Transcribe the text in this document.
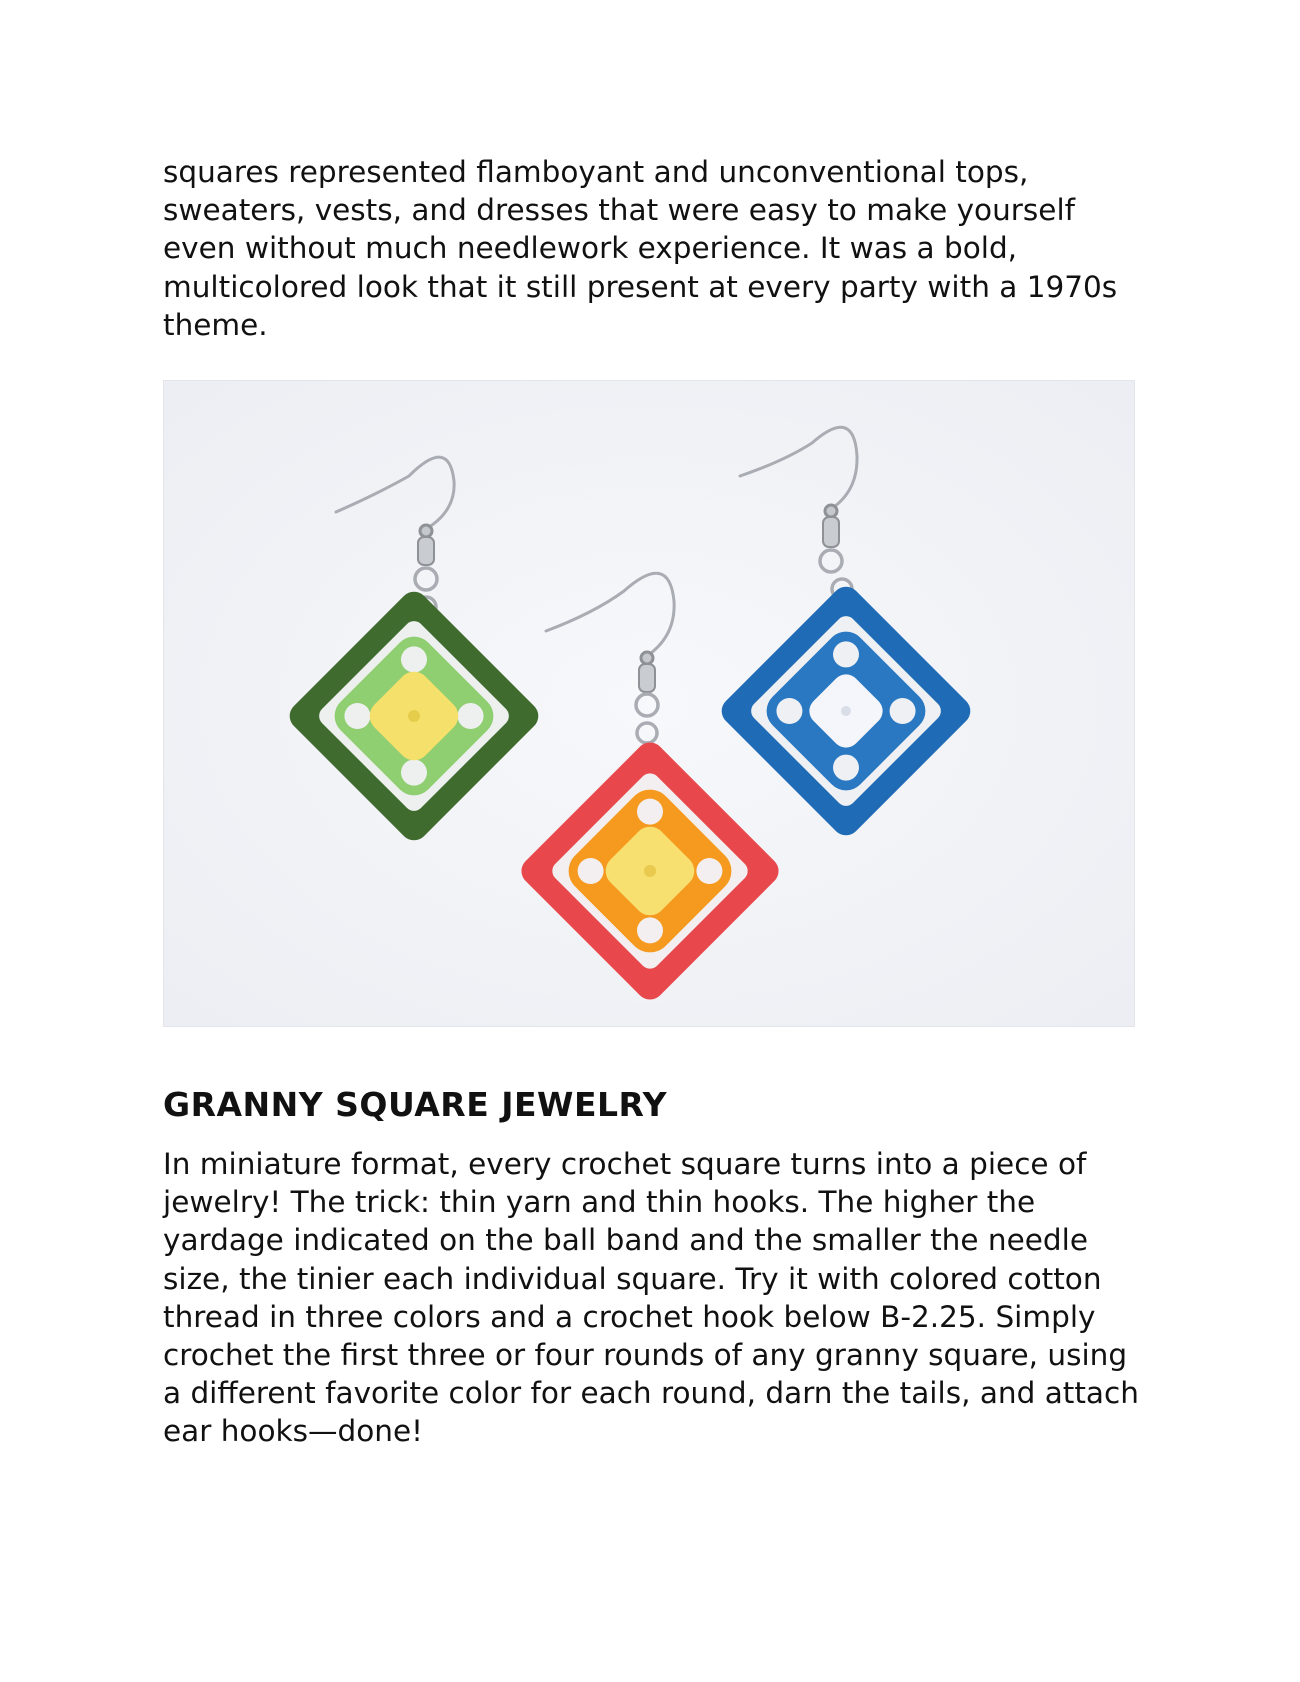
squares represented flamboyant and unconventional tops, sweaters, vests, and dresses that were easy to make yourself even without much needlework experience. It was a bold, multicolored look that it still present at every party with a 1970s theme.

GRANNY SQUARE JEWELRY

In miniature format, every crochet square turns into a piece of jewelry! The trick: thin yarn and thin hooks. The higher the yardage indicated on the ball band and the smaller the needle size, the tinier each individual square. Try it with colored cotton thread in three colors and a crochet hook below B-2.25. Simply crochet the first three or four rounds of any granny square, using a different favorite color for each round, darn the tails, and attach ear hooks—done!
